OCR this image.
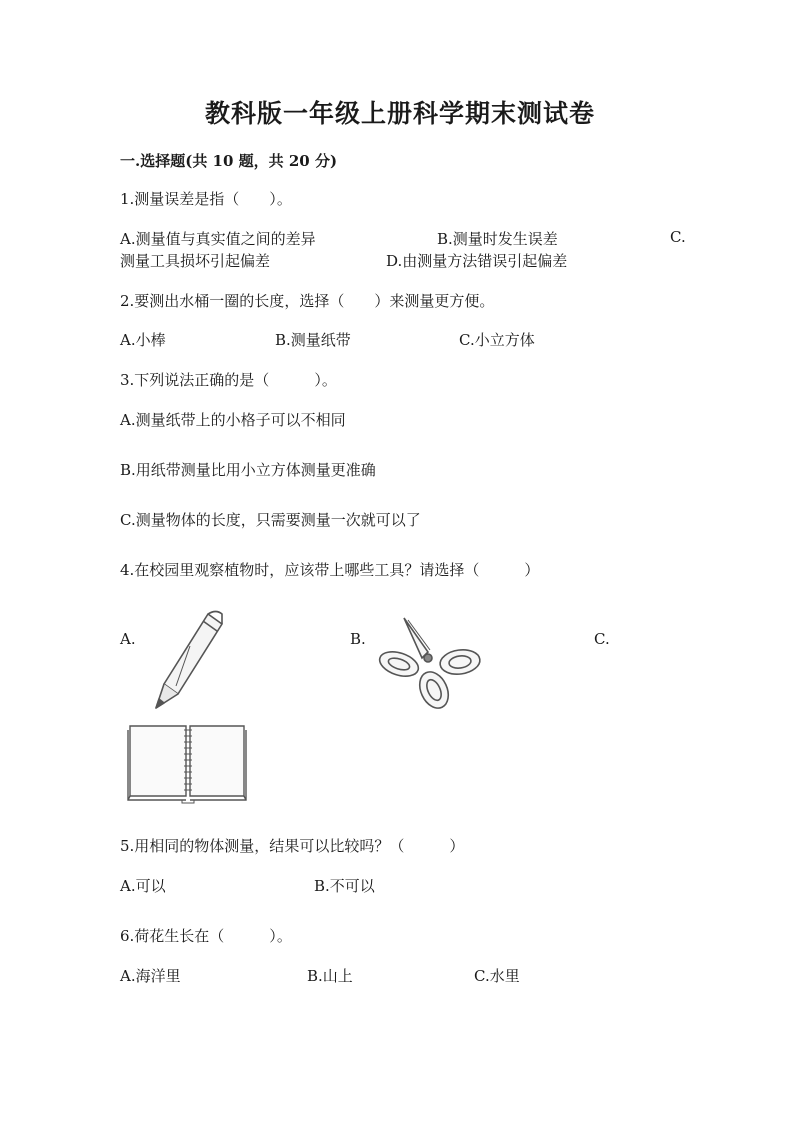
教科版一年级上册科学期末测试卷
一.选择题(共 10 题，共 20 分)
1.测量误差是指（　　）。
A.测量值与真实值之间的差异	B.测量时发生误差	C.
测量工具损坏引起偏差	D.由测量方法错误引起偏差
2.要测出水桶一圈的长度，选择（　　）来测量更方便。
A.小棒	B.测量纸带	C.小立方体
3.下列说法正确的是（　　　）。
A.测量纸带上的小格子可以不相同
B.用纸带测量比用小立方体测量更准确
C.测量物体的长度，只需要测量一次就可以了
4.在校园里观察植物时，应该带上哪些工具？请选择（　　　）
A.	B.	C.
5.用相同的物体测量，结果可以比较吗？（　　　）
A.可以	B.不可以
6.荷花生长在（　　　）。
A.海洋里	B.山上	C.水里
